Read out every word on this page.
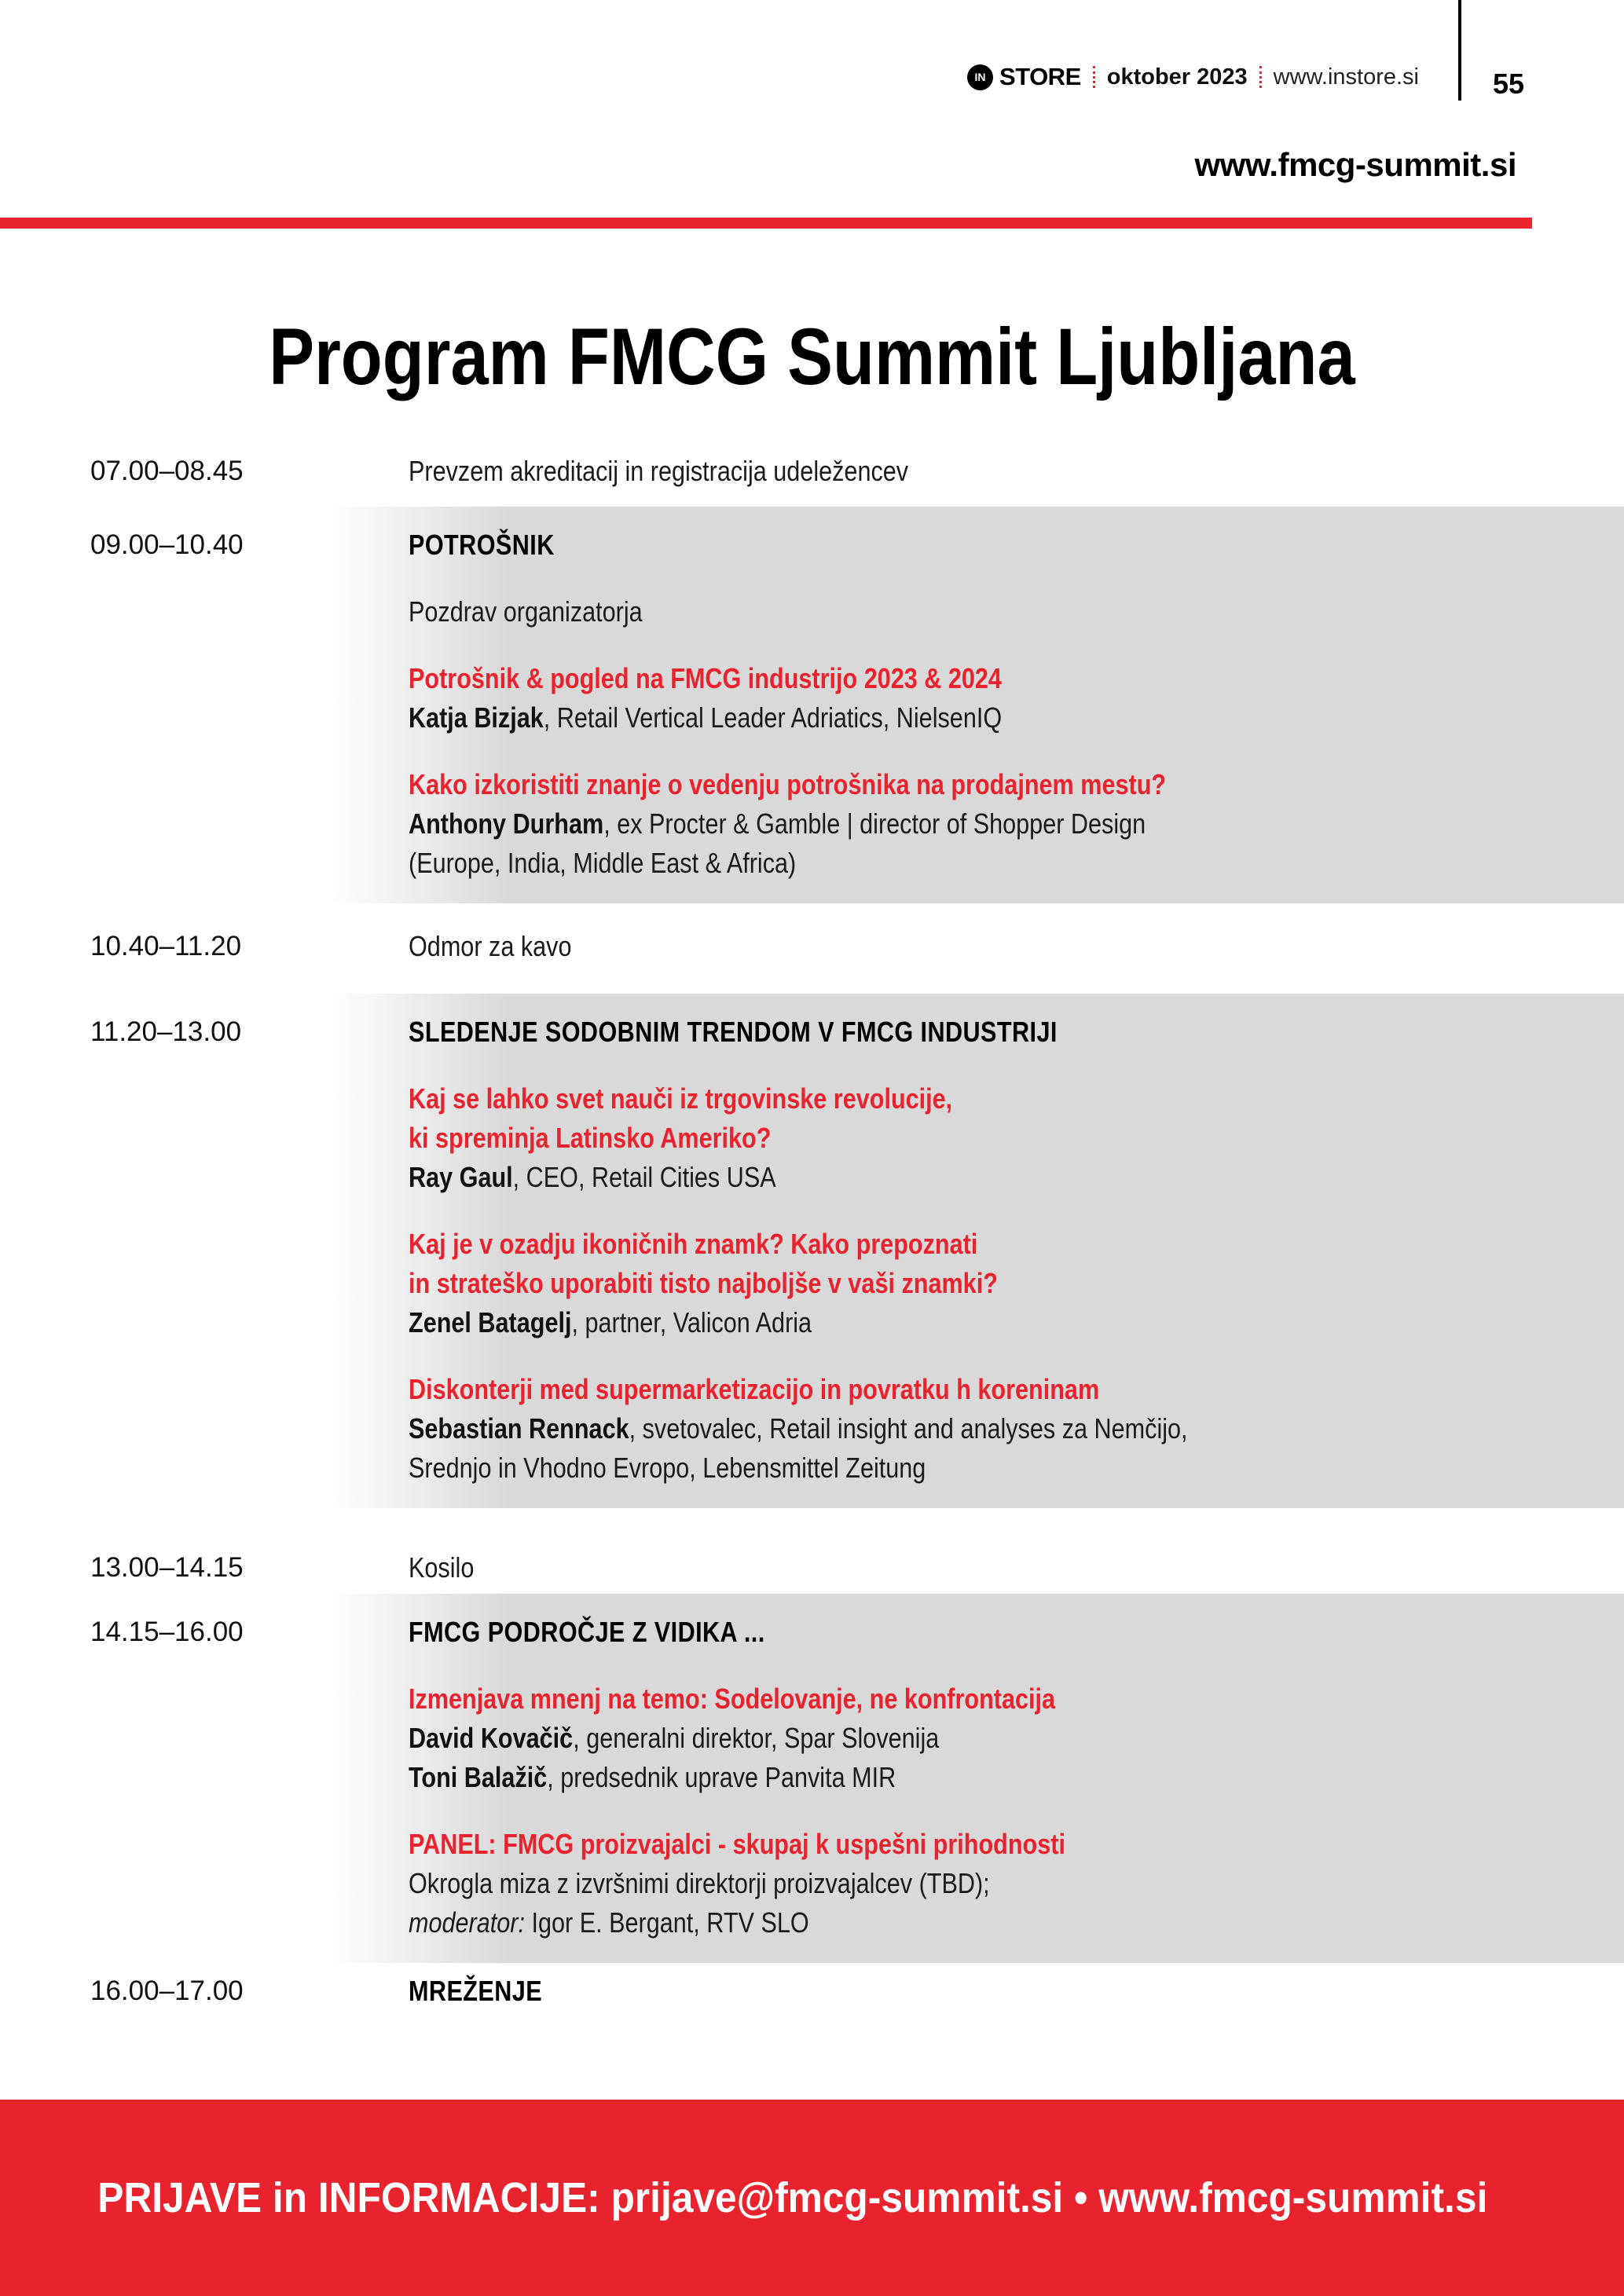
IN STORE oktober 2023 www.instore.si	55
www.fmcg-summit.si
Program FMCG Summit Ljubljana
07.00–08.45	Prevzem akreditacij in registracija udeležencev
09.00–10.40	POTROŠNIK
Pozdrav organizatorja
Potrošnik & pogled na FMCG industrijo 2023 & 2024
Katja Bizjak, Retail Vertical Leader Adriatics, NielsenIQ
Kako izkoristiti znanje o vedenju potrošnika na prodajnem mestu?
Anthony Durham, ex Procter & Gamble | director of Shopper Design
(Europe, India, Middle East & Africa)
10.40–11.20	Odmor za kavo
11.20–13.00	SLEDENJE SODOBNIM TRENDOM V FMCG INDUSTRIJI
Kaj se lahko svet nauči iz trgovinske revolucije,
ki spreminja Latinsko Ameriko?
Ray Gaul, CEO, Retail Cities USA
Kaj je v ozadju ikoničnih znamk? Kako prepoznati
in strateško uporabiti tisto najboljše v vaši znamki?
Zenel Batagelj, partner, Valicon Adria
Diskonterji med supermarketizacijo in povratku h koreninam
Sebastian Rennack, svetovalec, Retail insight and analyses za Nemčijo,
Srednjo in Vhodno Evropo, Lebensmittel Zeitung
13.00–14.15	Kosilo
14.15–16.00	FMCG PODROČJE Z VIDIKA ...
Izmenjava mnenj na temo: Sodelovanje, ne konfrontacija
David Kovačič, generalni direktor, Spar Slovenija
Toni Balažič, predsednik uprave Panvita MIR
PANEL: FMCG proizvajalci - skupaj k uspešni prihodnosti
Okrogla miza z izvršnimi direktorji proizvajalcev (TBD);
moderator: Igor E. Bergant, RTV SLO
16.00–17.00	MREŽENJE
PRIJAVE in INFORMACIJE: prijave@fmcg-summit.si • www.fmcg-summit.si
